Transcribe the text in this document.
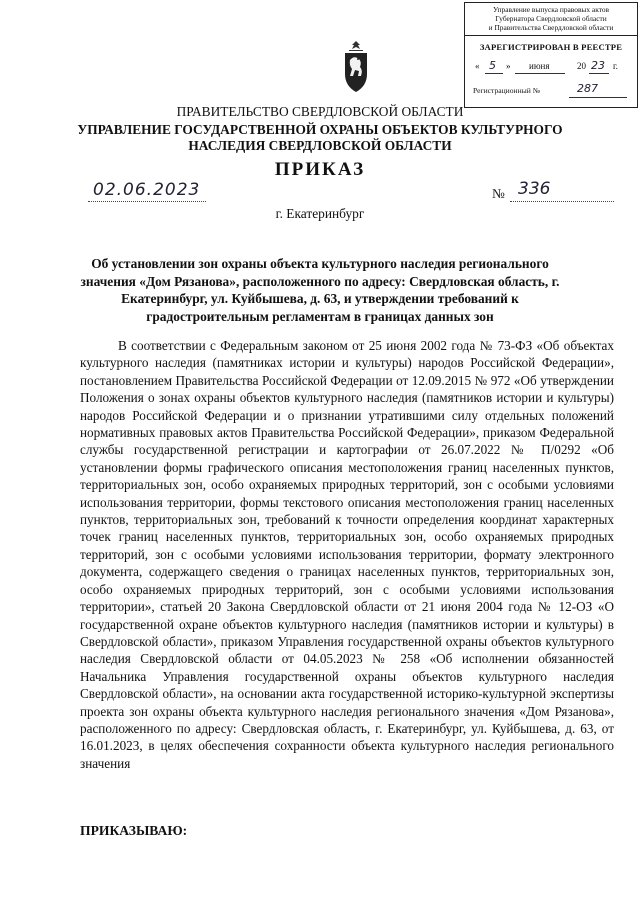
Управление выпуска правовых актов
Губернатора Свердловской области
и Правительства Свердловской области
ЗАРЕГИСТРИРОВАН В РЕЕСТРЕ
« 5 » июня	20 23 г.
Регистрационный №	287
ПРАВИТЕЛЬСТВО СВЕРДЛОВСКОЙ ОБЛАСТИ
УПРАВЛЕНИЕ ГОСУДАРСТВЕННОЙ ОХРАНЫ ОБЪЕКТОВ КУЛЬТУРНОГО НАСЛЕДИЯ СВЕРДЛОВСКОЙ ОБЛАСТИ
ПРИКАЗ
02.06.2023	№ 336
г. Екатеринбург
Об установлении зон охраны объекта культурного наследия регионального значения «Дом Рязанова», расположенного по адресу: Свердловская область, г. Екатеринбург, ул. Куйбышева, д. 63, и утверждении требований к градостроительным регламентам в границах данных зон

В соответствии с Федеральным законом от 25 июня 2002 года № 73-ФЗ «Об объектах культурного наследия (памятниках истории и культуры) народов Российской Федерации», постановлением Правительства Российской Федерации от 12.09.2015 № 972 «Об утверждении Положения о зонах охраны объектов культурного наследия (памятников истории и культуры) народов Российской Федерации и о признании утратившими силу отдельных положений нормативных правовых актов Правительства Российской Федерации», приказом Федеральной службы государственной регистрации и картографии от 26.07.2022 № П/0292 «Об установлении формы графического описания местоположения границ населенных пунктов, территориальных зон, особо охраняемых природных территорий, зон с особыми условиями использования территории, формы текстового описания местоположения границ населенных пунктов, территориальных зон, требований к точности определения координат характерных точек границ населенных пунктов, территориальных зон, особо охраняемых природных территорий, зон с особыми условиями использования территории, формату электронного документа, содержащего сведения о границах населенных пунктов, территориальных зон, особо охраняемых природных территорий, зон с особыми условиями использования территории», статьей 20 Закона Свердловской области от 21 июня 2004 года № 12-ОЗ «О государственной охране объектов культурного наследия (памятников истории и культуры) в Свердловской области», приказом Управления государственной охраны объектов культурного наследия Свердловской области от 04.05.2023 № 258 «Об исполнении обязанностей Начальника Управления государственной охраны объектов культурного наследия Свердловской области», на основании акта государственной историко-культурной экспертизы проекта зон охраны объекта культурного наследия регионального значения «Дом Рязанова», расположенного по адресу: Свердловская область, г. Екатеринбург, ул. Куйбышева, д. 63, от 16.01.2023, в целях обеспечения сохранности объекта культурного наследия регионального значения

ПРИКАЗЫВАЮ:
